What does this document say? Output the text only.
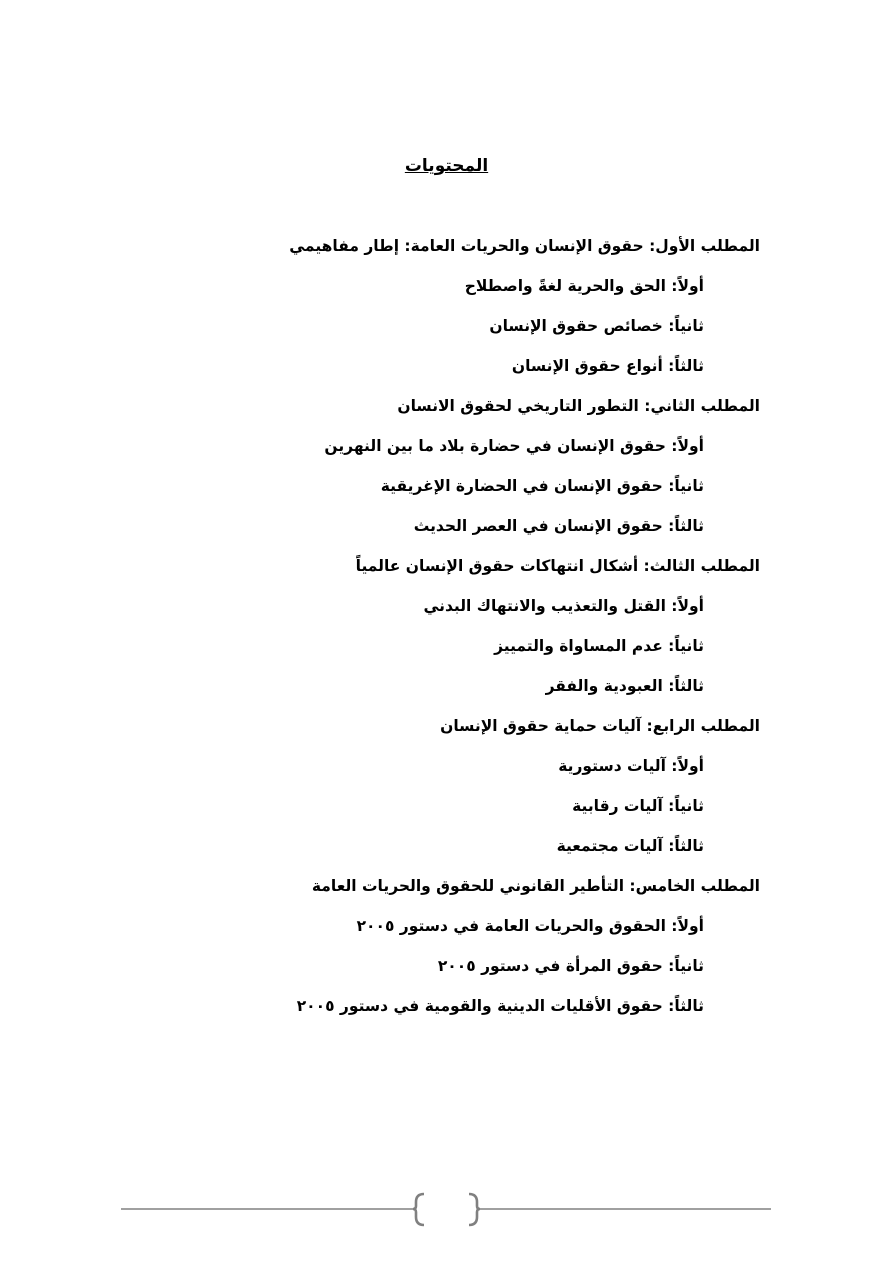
المحتويات
المطلب الأول: حقوق الإنسان والحريات العامة: إطار مفاهيمي
أولاً: الحق والحرية لغةً واصطلاح
ثانياً: خصائص حقوق الإنسان
ثالثاً: أنواع حقوق الإنسان
المطلب الثاني: التطور التاريخي لحقوق الانسان
أولاً: حقوق الإنسان في حضارة بلاد ما بين النهرين
ثانياً: حقوق الإنسان في الحضارة الإغريقية
ثالثاً: حقوق الإنسان في العصر الحديث
المطلب الثالث: أشكال انتهاكات حقوق الإنسان عالمياً
أولاً: القتل والتعذيب والانتهاك البدني
ثانياً: عدم المساواة والتمييز
ثالثاً: العبودية والفقر
المطلب الرابع: آليات حماية حقوق الإنسان
أولاً: آليات دستورية
ثانياً: آليات رقابية
ثالثاً: آليات مجتمعية
المطلب الخامس: التأطير القانوني للحقوق والحريات العامة
أولاً: الحقوق والحريات العامة في دستور ٢٠٠٥
ثانياً: حقوق المرأة في دستور ٢٠٠٥
ثالثاً: حقوق الأقليات الدينية والقومية في دستور ٢٠٠٥
